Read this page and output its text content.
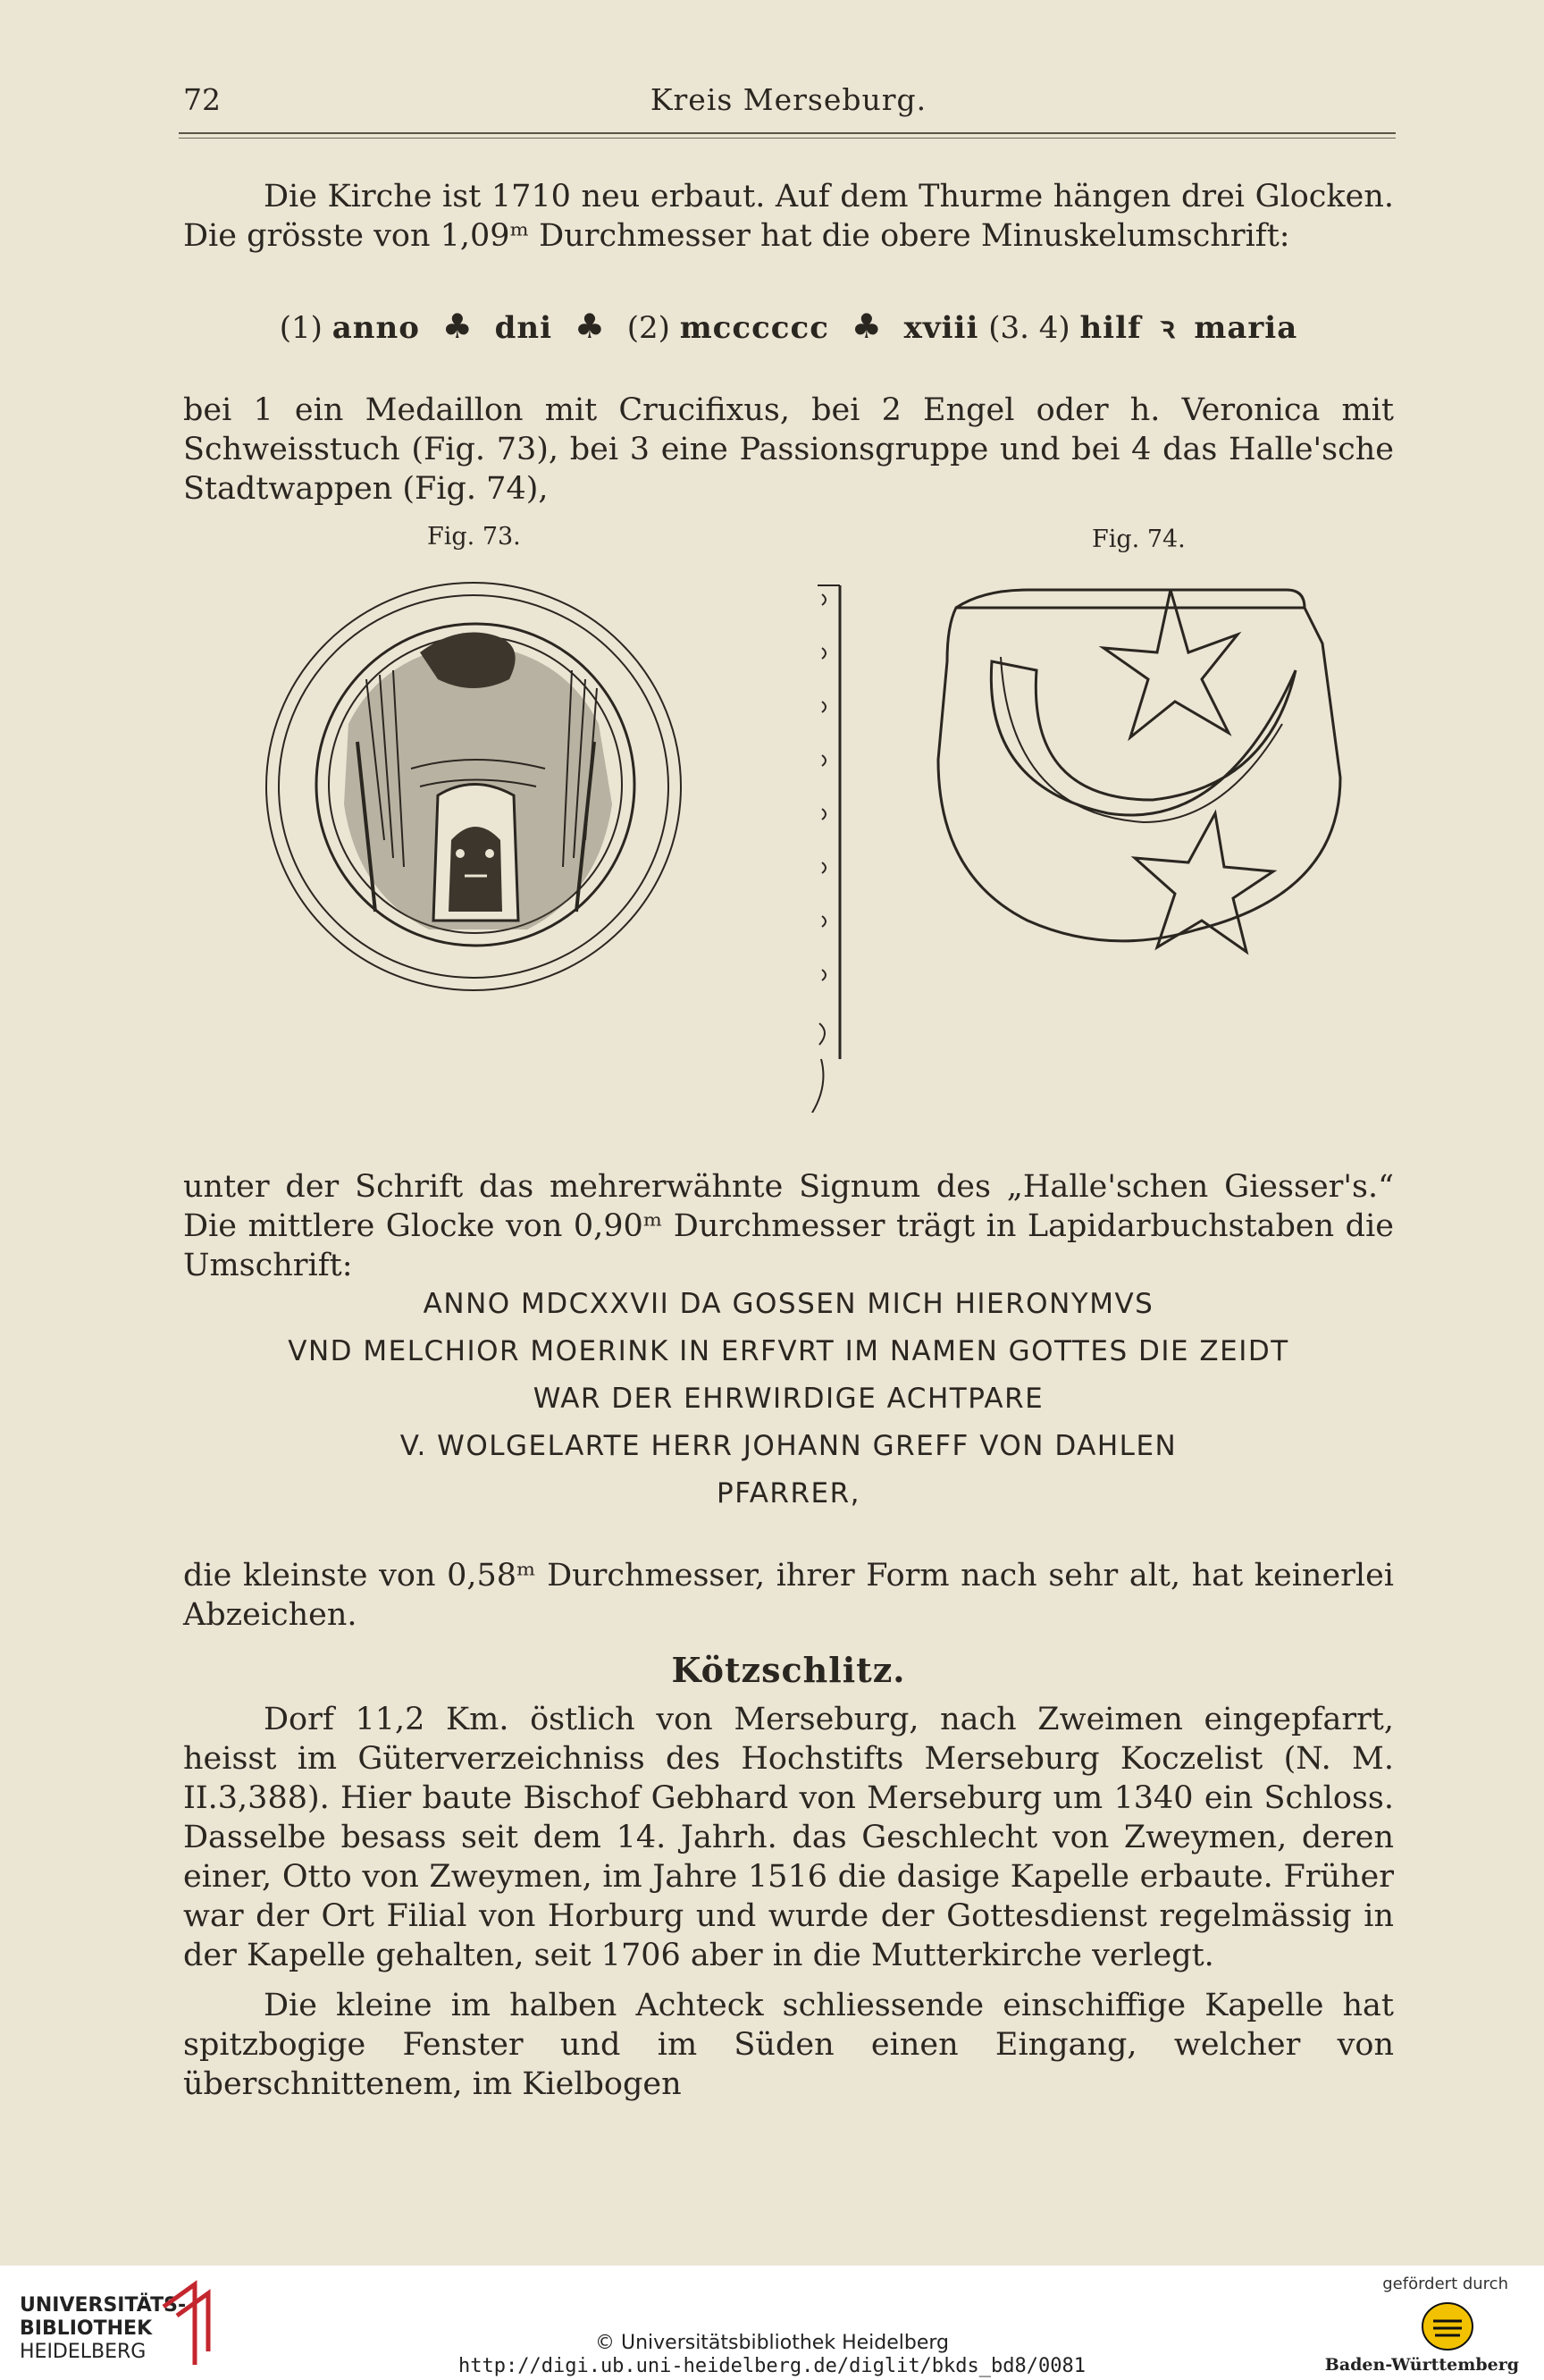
72	Kreis Merseburg.
Die Kirche ist 1710 neu erbaut. Auf dem Thurme hängen drei Glocken. Die grösste von 1,09ᵐ Durchmesser hat die obere Minuskelumschrift:
(1) anno ♣ dni ♣ (2) mcccccc ♣ xviii (3. 4) hilf ꝛ maria
bei 1 ein Medaillon mit Crucifixus, bei 2 Engel oder h. Veronica mit Schweisstuch (Fig. 73), bei 3 eine Passionsgruppe und bei 4 das Halle'sche Stadtwappen (Fig. 74),
Fig. 73.	Fig. 74.
unter der Schrift das mehrerwähnte Signum des „Halle'schen Giesser's.“ Die mittlere Glocke von 0,90ᵐ Durchmesser trägt in Lapidarbuchstaben die Umschrift:
ANNO MDCXXVII DA GOSSEN MICH HIERONYMVS
VND MELCHIOR MOERINK IN ERFVRT IM NAMEN GOTTES DIE ZEIDT
WAR DER EHRWIRDIGE ACHTPARE
V. WOLGELARTE HERR JOHANN GREFF VON DAHLEN
PFARRER,
die kleinste von 0,58ᵐ Durchmesser, ihrer Form nach sehr alt, hat keinerlei Abzeichen.
Kötzschlitz.
Dorf 11,2 Km. östlich von Merseburg, nach Zweimen eingepfarrt, heisst im Güterverzeichniss des Hochstifts Merseburg Koczelist (N. M. II.3,388). Hier baute Bischof Gebhard von Merseburg um 1340 ein Schloss. Dasselbe besass seit dem 14. Jahrh. das Geschlecht von Zweymen, deren einer, Otto von Zweymen, im Jahre 1516 die dasige Kapelle erbaute. Früher war der Ort Filial von Horburg und wurde der Gottesdienst regelmässig in der Kapelle gehalten, seit 1706 aber in die Mutterkirche verlegt.
Die kleine im halben Achteck schliessende einschiffige Kapelle hat spitzbogige Fenster und im Süden einen Eingang, welcher von überschnittenem, im Kielbogen
UNIVERSITÄTS-
BIBLIOTHEK
HEIDELBERG	© Universitätsbibliothek Heidelberg
http://digi.ub.uni-heidelberg.de/diglit/bkds_bd8/0081
gefördert durch
Baden-Württemberg
